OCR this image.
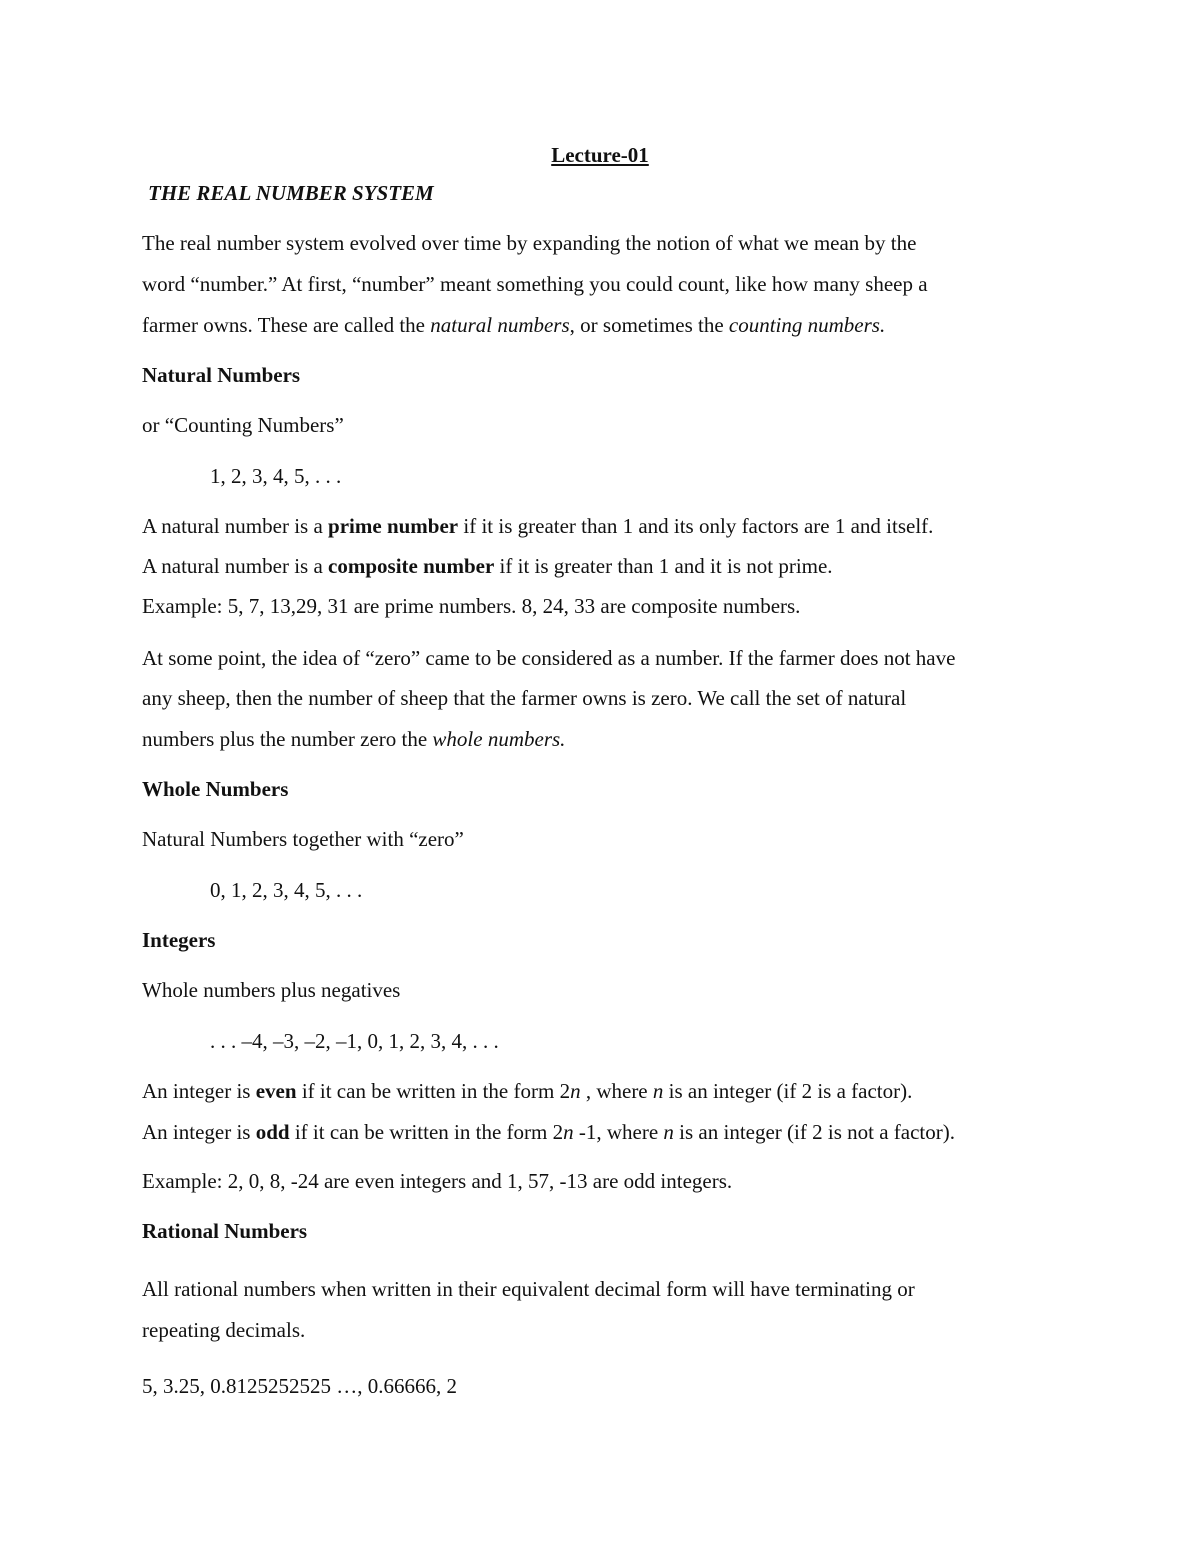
Lecture-01
THE REAL NUMBER SYSTEM
The real number system evolved over time by expanding the notion of what we mean by the
word “number.” At first, “number” meant something you could count, like how many sheep a
farmer owns. These are called the natural numbers, or sometimes the counting numbers.
Natural Numbers
or “Counting Numbers”
1, 2, 3, 4, 5, . . .
A natural number is a prime number if it is greater than 1 and its only factors are 1 and itself.
A natural number is a composite number if it is greater than 1 and it is not prime.
Example: 5, 7, 13,29, 31 are prime numbers. 8, 24, 33 are composite numbers.
At some point, the idea of “zero” came to be considered as a number. If the farmer does not have
any sheep, then the number of sheep that the farmer owns is zero. We call the set of natural
numbers plus the number zero the whole numbers.
Whole Numbers
Natural Numbers together with “zero”
0, 1, 2, 3, 4, 5, . . .
Integers
Whole numbers plus negatives
. . . –4, –3, –2, –1, 0, 1, 2, 3, 4, . . .
An integer is even if it can be written in the form 2n , where n is an integer (if 2 is a factor).
An integer is odd if it can be written in the form 2n -1, where n is an integer (if 2 is not a factor).
Example: 2, 0, 8, -24 are even integers and 1, 57, -13 are odd integers.
Rational Numbers
All rational numbers when written in their equivalent decimal form will have terminating or
repeating decimals.
5, 3.25, 0.8125252525 …, 0.66666, 2
